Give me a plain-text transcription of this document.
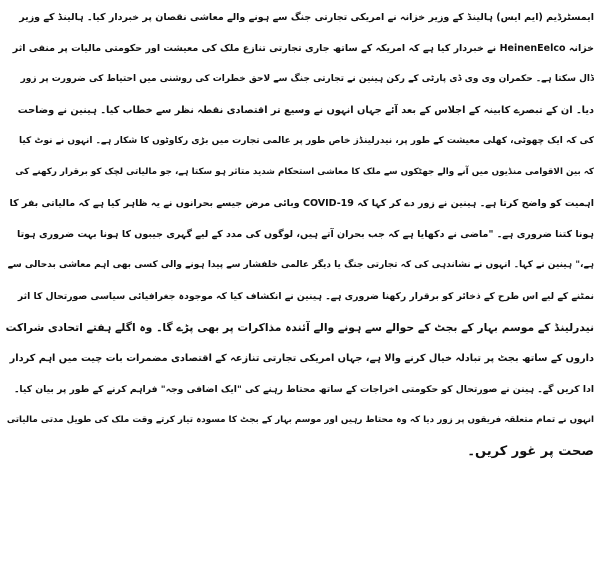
ایمسٹرڈیم (ایم ایس) ہالینڈ کے وزیر خزانہ نے امریکی تجارتی جنگ سے ہونے والے معاشی نقصان پر خبردار کیا۔ ہالینڈ کے وزیر
خزانہ HeinenEelco نے خبردار کیا ہے کہ امریکہ کے ساتھ جاری تجارتی تنازع ملک کی معیشت اور حکومتی مالیات پر منفی اثر
ڈال سکتا ہے۔ حکمران وی وی ڈی پارٹی کے رکن ہینین نے تجارتی جنگ سے لاحق خطرات کی روشنی میں احتیاط کی ضرورت پر زور
دیا۔ ان کے تبصرے کابینہ کے اجلاس کے بعد آئے جہاں انہوں نے وسیع تر اقتصادی نقطہ نظر سے خطاب کیا۔ ہینین نے وضاحت
کی کہ ایک چھوٹی، کھلی معیشت کے طور پر، نیدرلینڈز خاص طور پر عالمی تجارت میں بڑی رکاوٹوں کا شکار ہے۔ انہوں نے نوٹ کیا
کہ بین الاقوامی منڈیوں میں آنے والے جھٹکوں سے ملک کا معاشی استحکام شدید متاثر ہو سکتا ہے، جو مالیاتی لچک کو برقرار رکھنے کی
اہمیت کو واضح کرتا ہے۔ ہینین نے زور دے کر کہا کہ COVID-19 وبائی مرض جیسے بحرانوں نے یہ ظاہر کیا ہے کہ مالیاتی بفر کا
ہونا کتنا ضروری ہے۔ "ماضی نے دکھایا ہے کہ جب بحران آتے ہیں، لوگوں کی مدد کے لیے گہری جیبوں کا ہونا بہت ضروری ہوتا
ہے،" ہینین نے کہا۔ انہوں نے نشاندہی کی کہ تجارتی جنگ یا دیگر عالمی خلفشار سے پیدا ہونے والی کسی بھی اہم معاشی بدحالی سے
نمٹنے کے لیے اس طرح کے ذخائر کو برقرار رکھنا ضروری ہے۔ ہینین نے انکشاف کیا کہ موجودہ جغرافیائی سیاسی صورتحال کا اثر
نیدرلینڈ کے موسم بہار کے بجٹ کے حوالے سے ہونے والے آئندہ مذاکرات پر بھی پڑے گا۔ وہ اگلے ہفتے اتحادی شراکت
داروں کے ساتھ بجٹ پر تبادلہ خیال کرنے والا ہے، جہاں امریکی تجارتی تنازعہ کے اقتصادی مضمرات بات چیت میں اہم کردار
ادا کریں گے۔ ہینن نے صورتحال کو حکومتی اخراجات کے ساتھ محتاط رہنے کی "ایک اضافی وجہ" فراہم کرنے کے طور پر بیان کیا۔
انہوں نے تمام متعلقہ فریقوں پر زور دیا کہ وہ محتاط رہیں اور موسم بہار کے بجٹ کا مسودہ تیار کرتے وقت ملک کی طویل مدتی مالیاتی
صحت پر غور کریں۔
